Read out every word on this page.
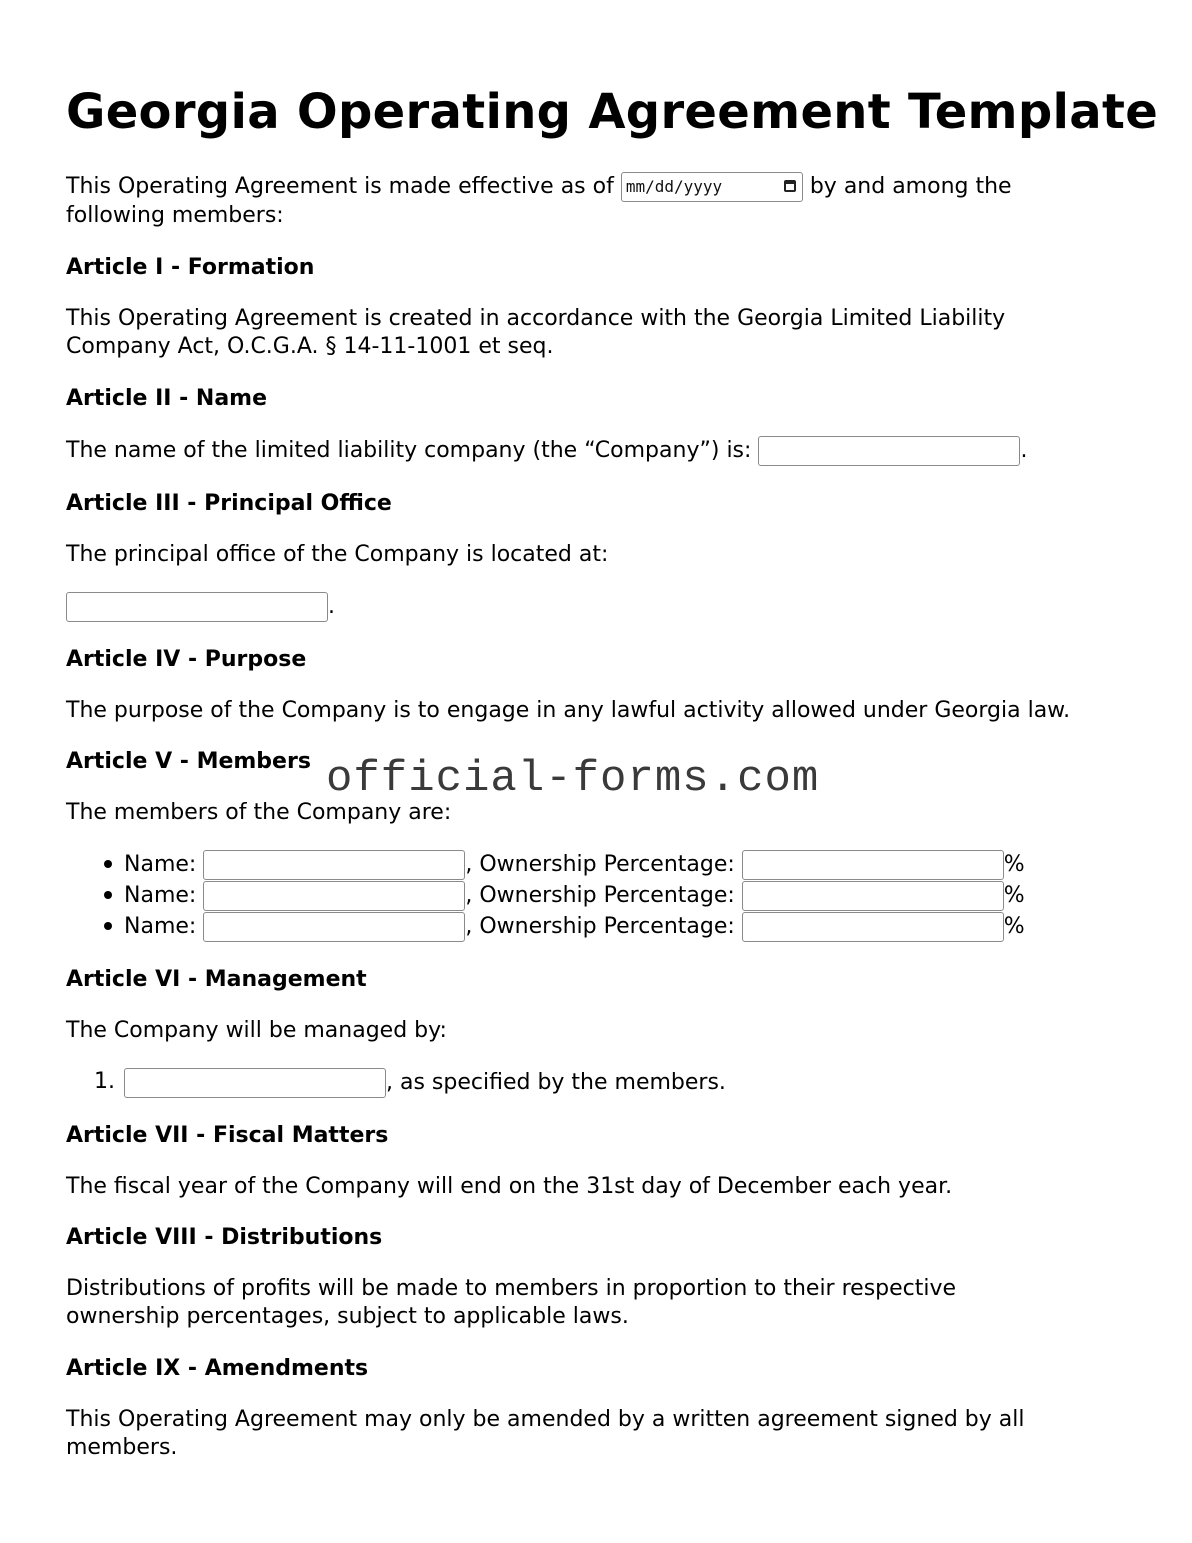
Georgia Operating Agreement Template
This Operating Agreement is made effective as of mm/dd/yyyy	by and among the
following members:
Article I - Formation
This Operating Agreement is created in accordance with the Georgia Limited Liability
Company Act, O.C.G.A. § 14-11-1001 et seq.
Article II - Name
The name of the limited liability company (the “Company”) is:	.
Article III - Principal Office
The principal office of the Company is located at:
.
Article IV - Purpose
The purpose of the Company is to engage in any lawful activity allowed under Georgia law.
Article V - Members
The members of the Company are:
Name:	, Ownership Percentage:	%
Name:	, Ownership Percentage:	%
Name:	, Ownership Percentage:	%
Article VI - Management
The Company will be managed by:
1.	, as specified by the members.
Article VII - Fiscal Matters
The fiscal year of the Company will end on the 31st day of December each year.
Article VIII - Distributions
Distributions of profits will be made to members in proportion to their respective
ownership percentages, subject to applicable laws.
Article IX - Amendments
This Operating Agreement may only be amended by a written agreement signed by all
members.
official-forms.com
